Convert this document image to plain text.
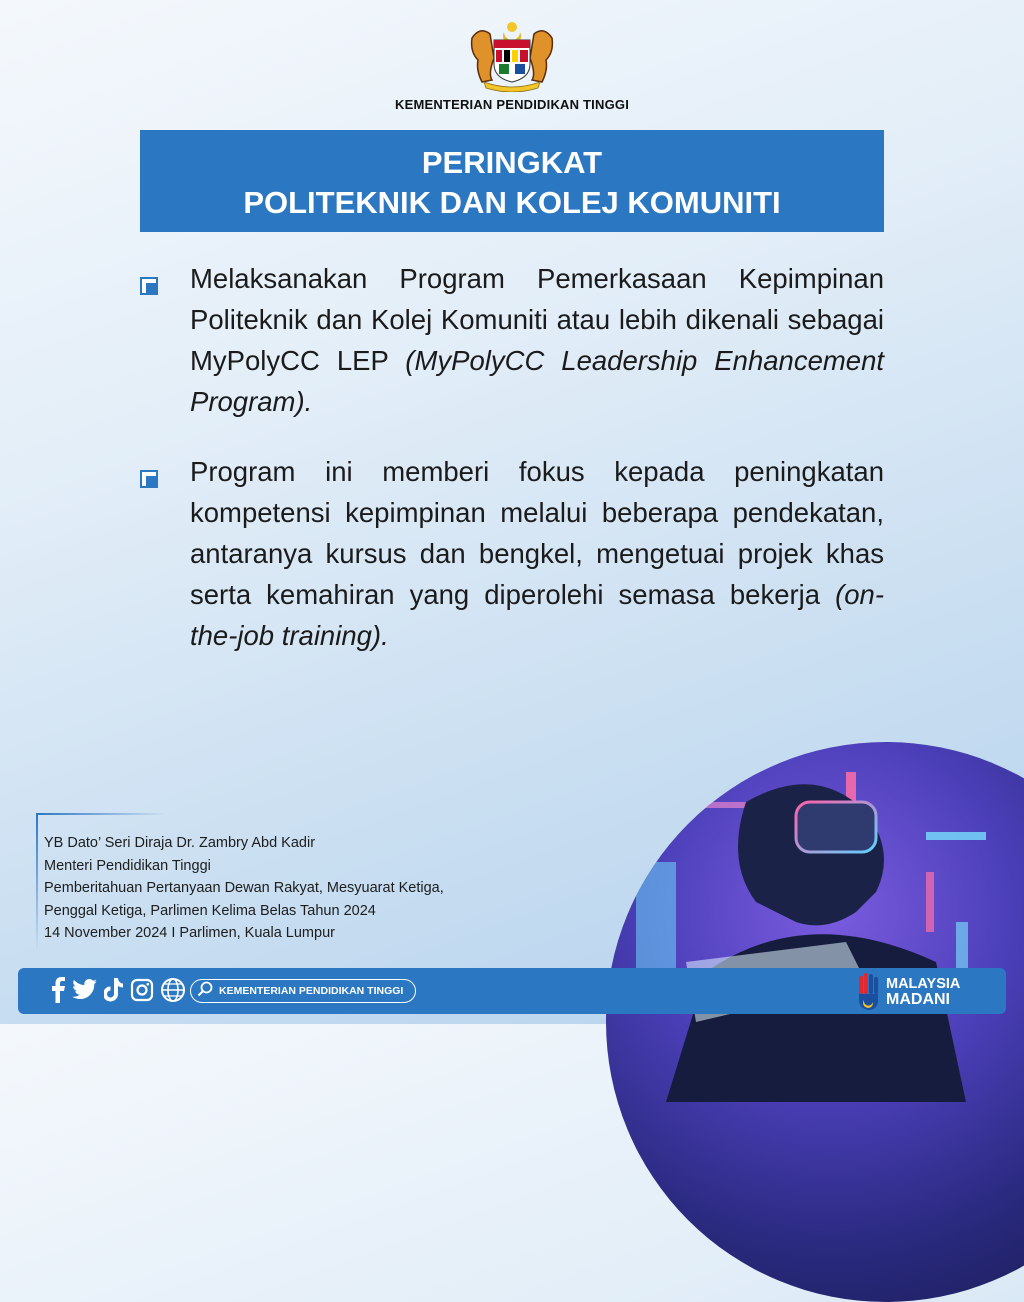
KEMENTERIAN PENDIDIKAN TINGGI
PERINGKAT
POLITEKNIK DAN KOLEJ KOMUNITI
Melaksanakan Program Pemerkasaan Kepimpinan Politeknik dan Kolej Komuniti atau lebih dikenali sebagai MyPolyCC LEP (MyPolyCC Leadership Enhancement Program).
Program ini memberi fokus kepada peningkatan kompetensi kepimpinan melalui beberapa pendekatan, antaranya kursus dan bengkel, mengetuai projek khas serta kemahiran yang diperolehi semasa bekerja (on-the-job training).
YB Dato’ Seri Diraja Dr. Zambry Abd Kadir
Menteri Pendidikan Tinggi
Pemberitahuan Pertanyaan Dewan Rakyat, Mesyuarat Ketiga,
Penggal Ketiga, Parlimen Kelima Belas Tahun 2024
14 November 2024 I Parlimen, Kuala Lumpur
KEMENTERIAN PENDIDIKAN TINGGI	MALAYSIA
MADANI
